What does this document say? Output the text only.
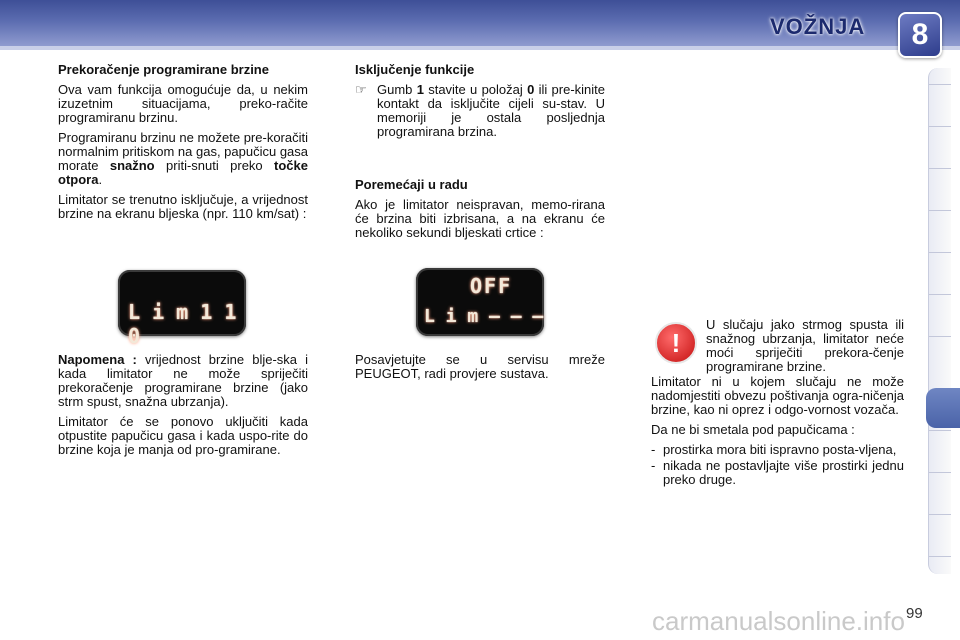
VOŽNJA	8

Prekoračenje programirane brzine

Ova vam funkcija omogućuje da, u nekim izuzetnim situacijama, preko-račite programiranu brzinu.

Programiranu brzinu ne možete pre-koračiti normalnim pritiskom na gas, papučicu gasa morate snažno priti-snuti preko točke otpora.

Limitator se trenutno isključuje, a vrijednost brzine na ekranu bljeska (npr. 110 km/sat) :

L i m 1 1 0

Napomena : vrijednost brzine blje-ska i kada limitator ne može spriječiti prekoračenje programirane brzine (jako strm spust, snažna ubrzanja).

Limitator će se ponovo uključiti kada otpustite papučicu gasa i kada uspo-rite do brzine koja je manja od pro-gramirane.

Isključenje funkcije

☞ Gumb 1 stavite u položaj 0 ili pre-kinite kontakt da isključite cijeli su-stav. U memoriji je ostala posljednja programirana brzina.

Poremećaji u radu

Ako je limitator neispravan, memo-rirana će brzina biti izbrisana, a na ekranu će nekoliko sekundi bljeskati crtice :

OFF
L i m – – –

Posavjetujte se u servisu mreže PEUGEOT, radi provjere sustava.

!

U slučaju jako strmog spusta ili snažnog ubrzanja, limitator neće moći spriječiti prekora-čenje programirane brzine.

Limitator ni u kojem slučaju ne može nadomjestiti obvezu poštivanja ogra-ničenja brzine, kao ni oprez i odgo-vornost vozača.

Da ne bi smetala pod papučicama :

- prostirka mora biti ispravno posta-vljena,

- nikada ne postavljajte više prostirki jednu preko druge.

carmanualsonline.info 99
